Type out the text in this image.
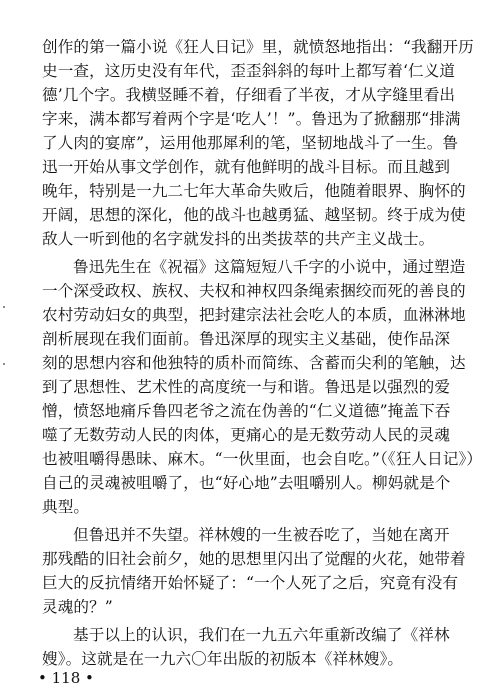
创作的第一篇小说《狂人日记》里，就愤怒地指出：“我翻开历
史一查，这历史没有年代，歪歪斜斜的每叶上都写着‘仁义道
德’几个字。我横竖睡不着，仔细看了半夜，才从字缝里看出
字来，满本都写着两个字是‘吃人’！”。鲁迅为了掀翻那“排满
了人肉的宴席”，运用他那犀利的笔，坚韧地战斗了一生。鲁
迅一开始从事文学创作，就有他鲜明的战斗目标。而且越到
晚年，特别是一九二七年大革命失败后，他随着眼界、胸怀的
开阔，思想的深化，他的战斗也越勇猛、越坚韧。终于成为使
敌人一听到他的名字就发抖的出类拔萃的共产主义战士。
鲁迅先生在《祝福》这篇短短八千字的小说中，通过塑造
一个深受政权、族权、夫权和神权四条绳索捆绞而死的善良的
农村劳动妇女的典型，把封建宗法社会吃人的本质，血淋淋地
剖析展现在我们面前。鲁迅深厚的现实主义基础，使作品深
刻的思想内容和他独特的质朴而简练、含蓄而尖利的笔触，达
到了思想性、艺术性的高度统一与和谐。鲁迅是以强烈的爱
憎，愤怒地痛斥鲁四老爷之流在伪善的“仁义道德”掩盖下吞
噬了无数劳动人民的肉体，更痛心的是无数劳动人民的灵魂
也被咀嚼得愚昧、麻木。“一伙里面，也会自吃。”（《狂人日记》）
自己的灵魂被咀嚼了，也“好心地”去咀嚼别人。柳妈就是个
典型。
但鲁迅并不失望。祥林嫂的一生被吞吃了，当她在离开
那残酷的旧社会前夕，她的思想里闪出了觉醒的火花，她带着
巨大的反抗情绪开始怀疑了：“一个人死了之后，究竟有没有
灵魂的？”
基于以上的认识，我们在一九五六年重新改编了《祥林
嫂》。这就是在一九六〇年出版的初版本《祥林嫂》。
• 118 •
